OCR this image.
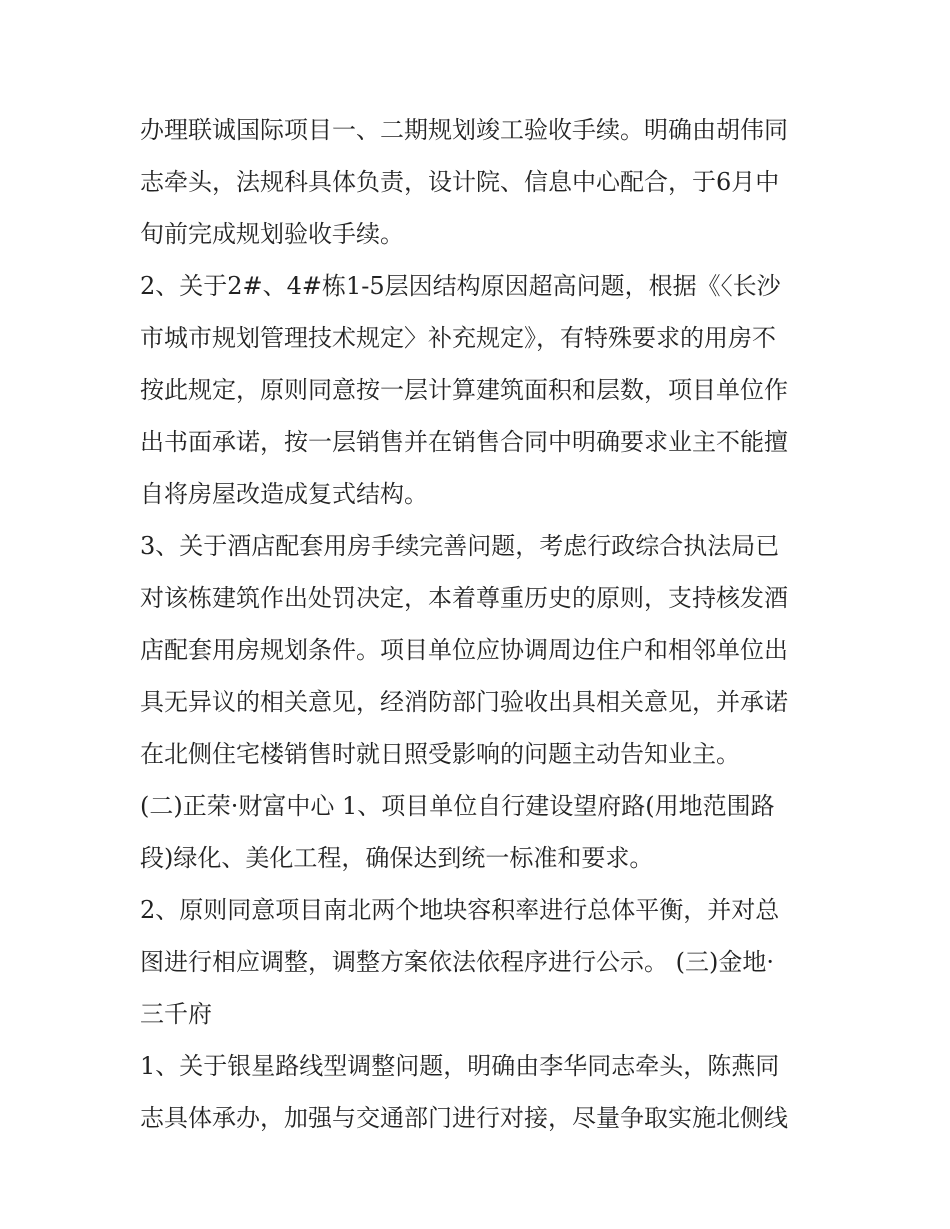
办理联诚国际项目一、二期规划竣工验收手续。明确由胡伟同
志牵头，法规科具体负责，设计院、信息中心配合，于6月中
旬前完成规划验收手续。
2、关于2#、4#栋1-5层因结构原因超高问题，根据《〈长沙
市城市规划管理技术规定〉补充规定》，有特殊要求的用房不
按此规定，原则同意按一层计算建筑面积和层数，项目单位作
出书面承诺，按一层销售并在销售合同中明确要求业主不能擅
自将房屋改造成复式结构。
3、关于酒店配套用房手续完善问题，考虑行政综合执法局已
对该栋建筑作出处罚决定，本着尊重历史的原则，支持核发酒
店配套用房规划条件。项目单位应协调周边住户和相邻单位出
具无异议的相关意见，经消防部门验收出具相关意见，并承诺
在北侧住宅楼销售时就日照受影响的问题主动告知业主。
(二)正荣·财富中心 1、项目单位自行建设望府路(用地范围路
段)绿化、美化工程，确保达到统一标准和要求。
2、原则同意项目南北两个地块容积率进行总体平衡，并对总
图进行相应调整，调整方案依法依程序进行公示。 (三)金地·
三千府
1、关于银星路线型调整问题，明确由李华同志牵头，陈燕同
志具体承办，加强与交通部门进行对接，尽量争取实施北侧线
